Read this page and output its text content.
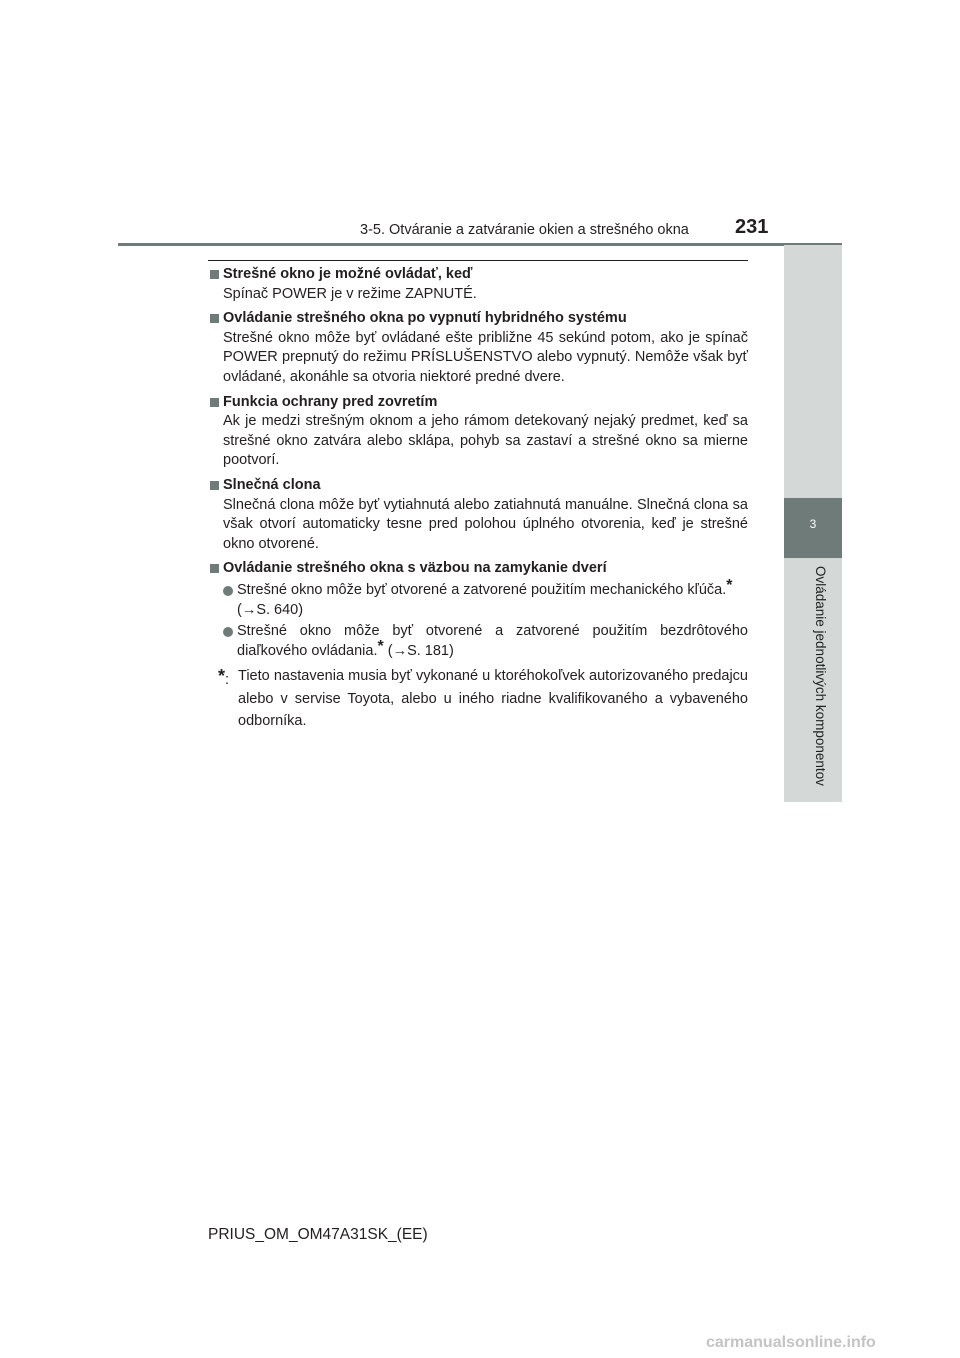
3-5. Otváranie a zatváranie okien a strešného okna	231
3
Ovládanie jednotlivých komponentov
Strešné okno je možné ovládať, keď
Spínač POWER je v režime ZAPNUTÉ.
Ovládanie strešného okna po vypnutí hybridného systému
Strešné okno môže byť ovládané ešte približne 45 sekúnd potom, ako je spínač POWER prepnutý do režimu PRÍSLUŠENSTVO alebo vypnutý. Nemôže však byť ovládané, akonáhle sa otvoria niektoré predné dvere.
Funkcia ochrany pred zovretím
Ak je medzi strešným oknom a jeho rámom detekovaný nejaký predmet, keď sa strešné okno zatvára alebo sklápa, pohyb sa zastaví a strešné okno sa mierne pootvorí.
Slnečná clona
Slnečná clona môže byť vytiahnutá alebo zatiahnutá manuálne. Slnečná clona sa však otvorí automaticky tesne pred polohou úplného otvorenia, keď je strešné okno otvorené.
Ovládanie strešného okna s väzbou na zamykanie dverí
Strešné okno môže byť otvorené a zatvorené použitím mechanického kľúča.*
(→S. 640)
Strešné okno môže byť otvorené a zatvorené použitím bezdrôtového diaľkového ovládania.* (→S. 181)
*: Tieto nastavenia musia byť vykonané u ktoréhokoľvek autorizovaného predajcu alebo v servise Toyota, alebo u iného riadne kvalifikovaného a vybaveného odborníka.
PRIUS_OM_OM47A31SK_(EE)
carmanualsonline.info
